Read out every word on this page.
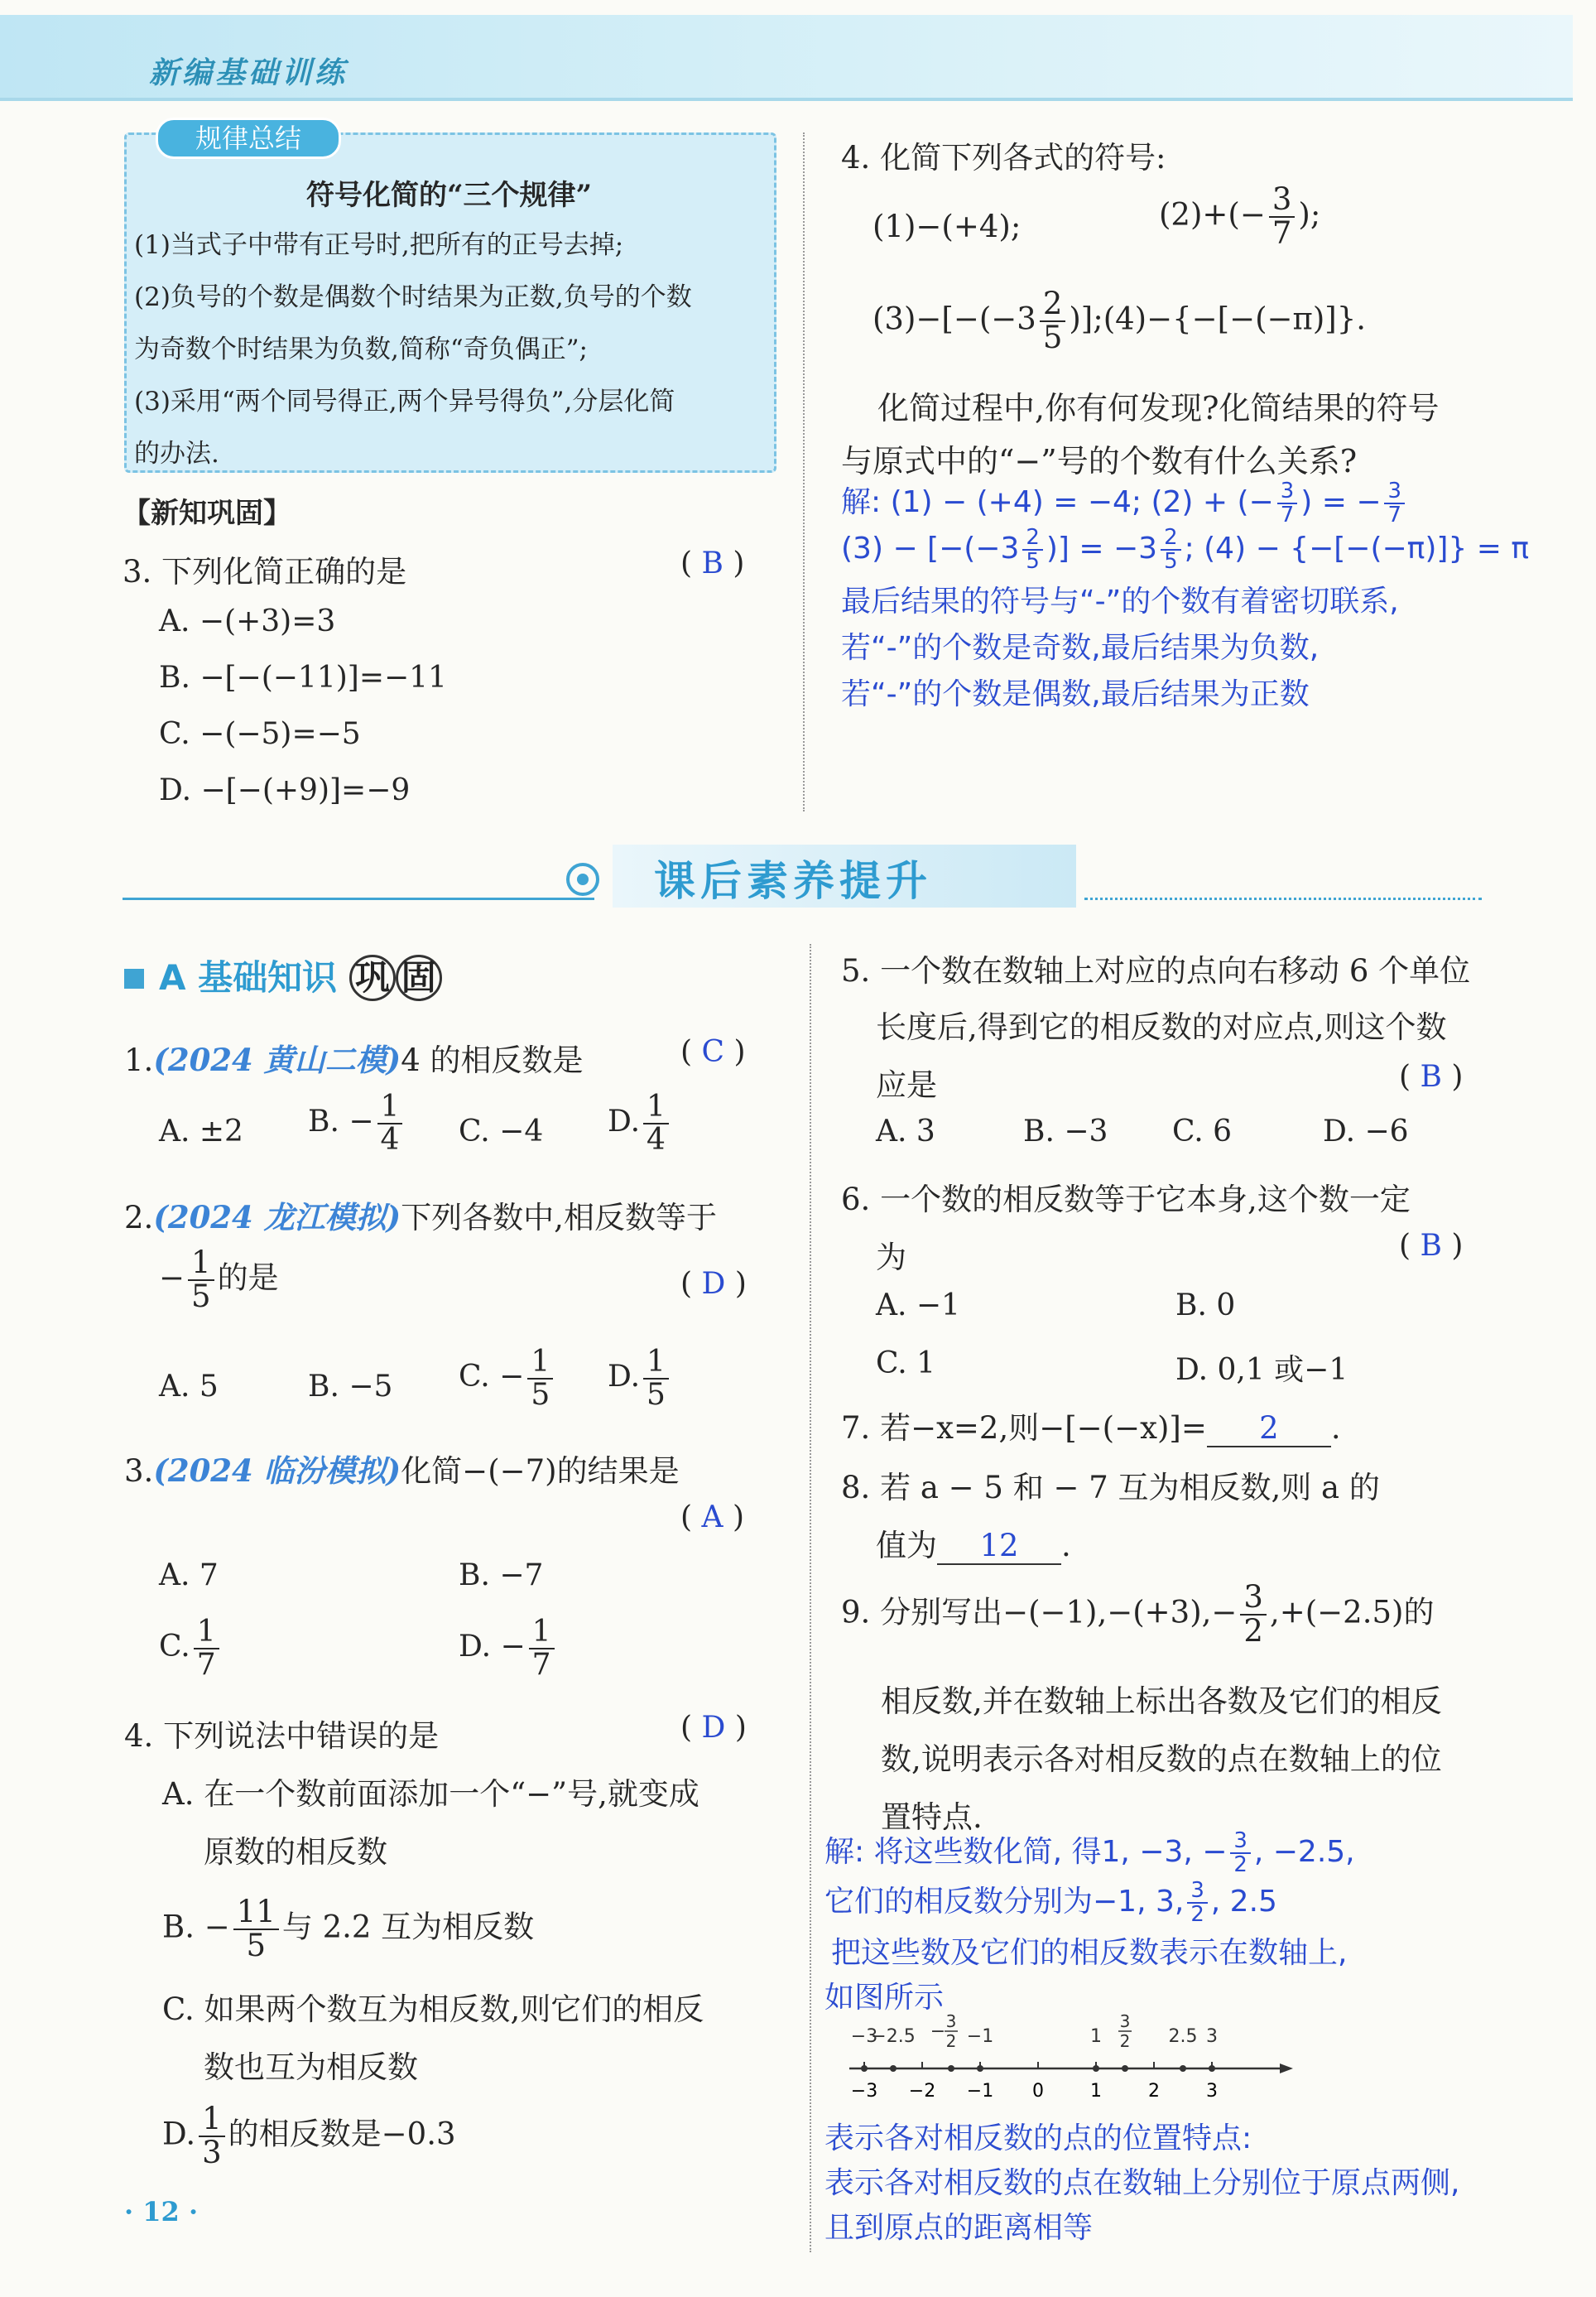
新编基础训练
规律总结
符号化简的“三个规律”
(1)当式子中带有正号时,把所有的正号去掉;
(2)负号的个数是偶数个时结果为正数,负号的个数
为奇数个时结果为负数,简称“奇负偶正”;
(3)采用“两个同号得正,两个异号得负”,分层化简
的办法.
【新知巩固】
3. 下列化简正确的是	( B )
A. −(+3)=3
B. −[−(−11)]=−11
C. −(−5)=−5
D. −[−(+9)]=−9
4. 化简下列各式的符号:
(1)−(+4);	$(2)+(- \frac{3}{7}$ );
$(3)-[-(-3 \frac{2}{5}$ )];(4)−{−[−(−π)]}.
化简过程中,你有何发现?化简结果的符号
与原式中的“−”号的个数有什么关系?
解: (1) − (+4) = −4; (2) + (− $\frac{3}{7}$ ) = − $\frac{3}{7}$
$(3) - [-(-3 \frac{2}{5}$ )] = $-3 \frac{2}{5}$ ; (4) − {−[−(−π)]} = π
最后结果的符号与“-”的个数有着密切联系,
若“-”的个数是奇数,最后结果为负数,
若“-”的个数是偶数,最后结果为正数
课后素养提升
A 基础知识 巩 固
1.(2024 黄山二模)4 的相反数是	( C )
A. ±2 B. − $\frac{1}{4} C$. −4 D. $\frac{1}{4}$
2.(2024 龙江模拟)下列各数中,相反数等于
− $\frac{1}{5}$ 的是	( D )
A. 5	B. −5 C. − $\frac{1}{5} D$. $\frac{1}{5}$
3.(2024 临汾模拟)化简−(−7)的结果是
( A )
A. 7	B. −7
C. $\frac{1}{7}$	D. − $\frac{1}{7}$
4. 下列说法中错误的是	( D )
A. 在一个数前面添加一个“−”号,就变成
原数的相反数
B. − $\frac{11}{5}$ 与 2.2 互为相反数
C. 如果两个数互为相反数,则它们的相反
数也互为相反数
D. $\frac{1}{3}$ 的相反数是−0.3
· 12 ·
5. 一个数在数轴上对应的点向右移动 6 个单位
长度后,得到它的相反数的对应点,则这个数
应是	( B )
A. 3	B. −3 C. 6	D. −6
6. 一个数的相反数等于它本身,这个数一定
为	( B )
A. −1	B. 0
C. 1	D. 0,1 或−1
7. 若−x=2,则−[−(−x)]= 2 .
8. 若 a − 5 和 − 7 互为相反数,则 a 的
值为 12 .
9. 分别写出$-(-1),-(+3),- \frac{3}{2} ,+(-2.5)$的
相反数,并在数轴上标出各数及它们的相反
数,说明表示各对相反数的点在数轴上的位
置特点.
解: 将这些数化简, 得1, −3, − $\frac{3}{2}$ , −2.5,
它们的相反数分别为−1, 3, $\frac{3}{2}$ , 2.5
把这些数及它们的相反数表示在数轴上,
如图所示
−3 −2 −1 0	1	2	3
−3
−2.5 − 3
2 −1	1
3
2 2.5 3
表示各对相反数的点的位置特点:
表示各对相反数的点在数轴上分别位于原点两侧,
且到原点的距离相等
